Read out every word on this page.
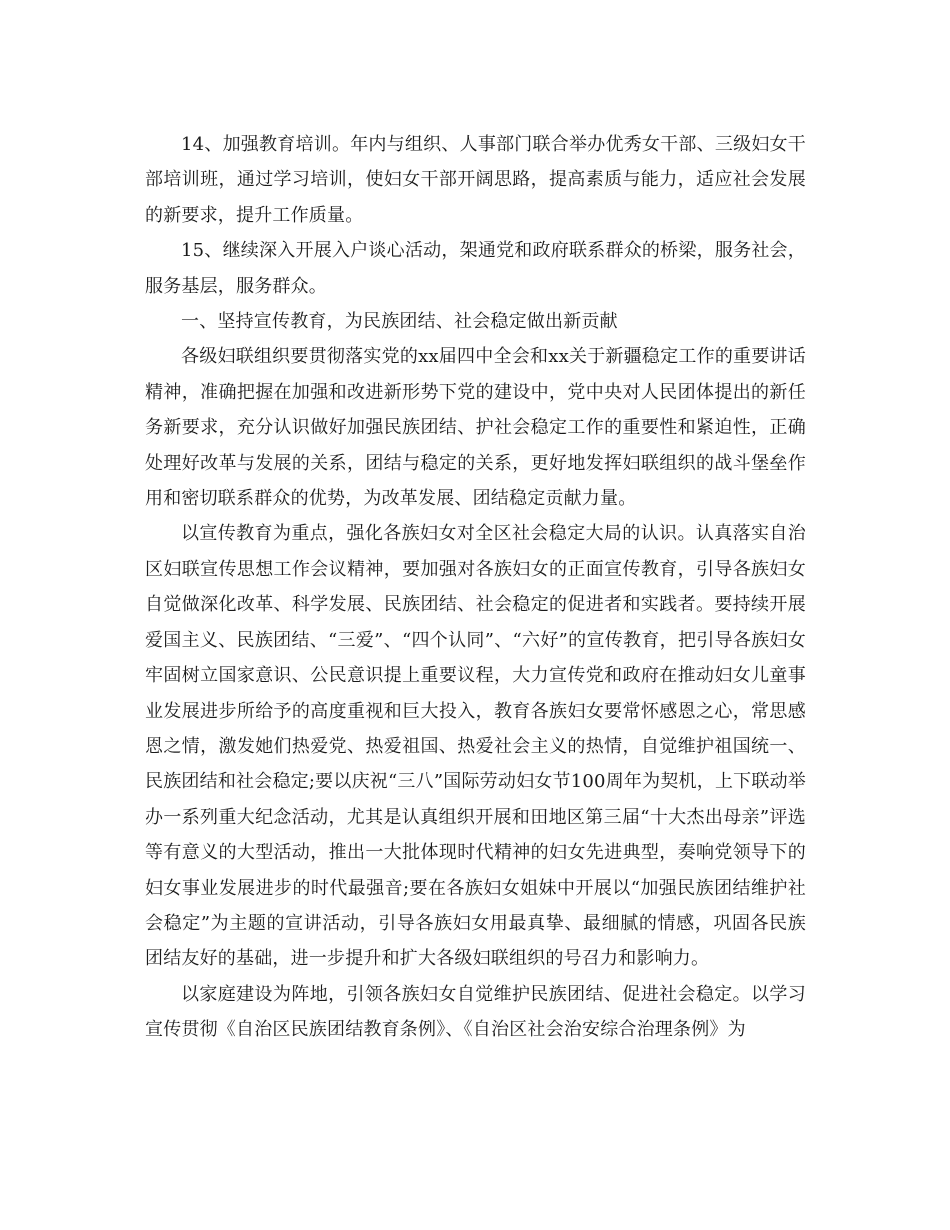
14、加强教育培训。年内与组织、人事部门联合举办优秀女干部、三级妇女干部培训班，通过学习培训，使妇女干部开阔思路，提高素质与能力，适应社会发展的新要求，提升工作质量。

15、继续深入开展入户谈心活动，架通党和政府联系群众的桥梁，服务社会，服务基层，服务群众。

一、坚持宣传教育，为民族团结、社会稳定做出新贡献

各级妇联组织要贯彻落实党的xx届四中全会和xx关于新疆稳定工作的重要讲话精神，准确把握在加强和改进新形势下党的建设中，党中央对人民团体提出的新任务新要求，充分认识做好加强民族团结、护社会稳定工作的重要性和紧迫性，正确处理好改革与发展的关系，团结与稳定的关系，更好地发挥妇联组织的战斗堡垒作用和密切联系群众的优势，为改革发展、团结稳定贡献力量。

以宣传教育为重点，强化各族妇女对全区社会稳定大局的认识。认真落实自治区妇联宣传思想工作会议精神，要加强对各族妇女的正面宣传教育，引导各族妇女自觉做深化改革、科学发展、民族团结、社会稳定的促进者和实践者。要持续开展爱国主义、民族团结、“三爱”、“四个认同”、“六好”的宣传教育，把引导各族妇女牢固树立国家意识、公民意识提上重要议程，大力宣传党和政府在推动妇女儿童事业发展进步所给予的高度重视和巨大投入，教育各族妇女要常怀感恩之心，常思感恩之情，激发她们热爱党、热爱祖国、热爱社会主义的热情，自觉维护祖国统一、民族团结和社会稳定;要以庆祝“三八”国际劳动妇女节100周年为契机，上下联动举办一系列重大纪念活动，尤其是认真组织开展和田地区第三届“十大杰出母亲”评选等有意义的大型活动，推出一大批体现时代精神的妇女先进典型，奏响党领导下的妇女事业发展进步的时代最强音;要在各族妇女姐妹中开展以“加强民族团结维护社会稳定”为主题的宣讲活动，引导各族妇女用最真挚、最细腻的情感，巩固各民族团结友好的基础，进一步提升和扩大各级妇联组织的号召力和影响力。

以家庭建设为阵地，引领各族妇女自觉维护民族团结、促进社会稳定。以学习宣传贯彻《自治区民族团结教育条例》、《自治区社会治安综合治理条例》为
